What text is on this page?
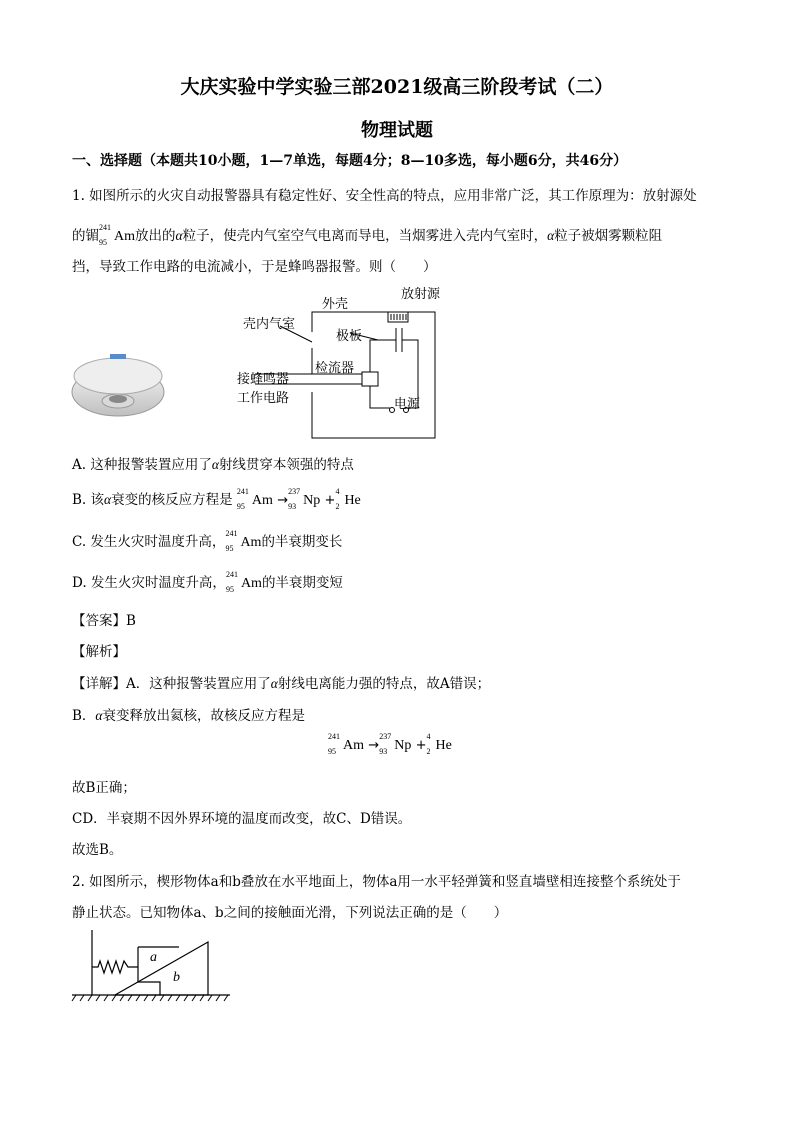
大庆实验中学实验三部2021级高三阶段考试（二）
物理试题
一、选择题（本题共10小题，1—7单选，每题4分；8—10多选，每小题6分，共46分）
1. 如图所示的火灾自动报警器具有稳定性好、安全性高的特点，应用非常广泛，其工作原理为：放射源处
的镅
241
95 Am放出的α粒子，使壳内气室空气电离而导电，当烟雾进入壳内气室时，α粒子被烟雾颗粒阻
挡，导致工作电路的电流减小，于是蜂鸣器报警。则（　　）
外壳
放射源
壳内气室
极板
检流器
接蜂鸣器
工作电路	电源
A. 这种报警装置应用了α射线贯穿本领强的特点
B. 该α衰变的核反应方程是
241
95 Am →
237
93 Np +
4
2 He
C. 发生火灾时温度升高，
241
95 Am的半衰期变长
D. 发生火灾时温度升高，
241
95 Am的半衰期变短
【答案】B
【解析】
【详解】A．这种报警装置应用了α射线电离能力强的特点，故A错误；
B．α衰变释放出氦核，故核反应方程是
241
95 Am →
237
93 Np +
4
2 He
故B正确；
CD．半衰期不因外界环境的温度而改变，故C、D错误。
故选B。
2. 如图所示，楔形物体a和b叠放在水平地面上，物体a用一水平轻弹簧和竖直墙壁相连接整个系统处于
静止状态。已知物体a、b之间的接触面光滑，下列说法正确的是（　　）
a
b
